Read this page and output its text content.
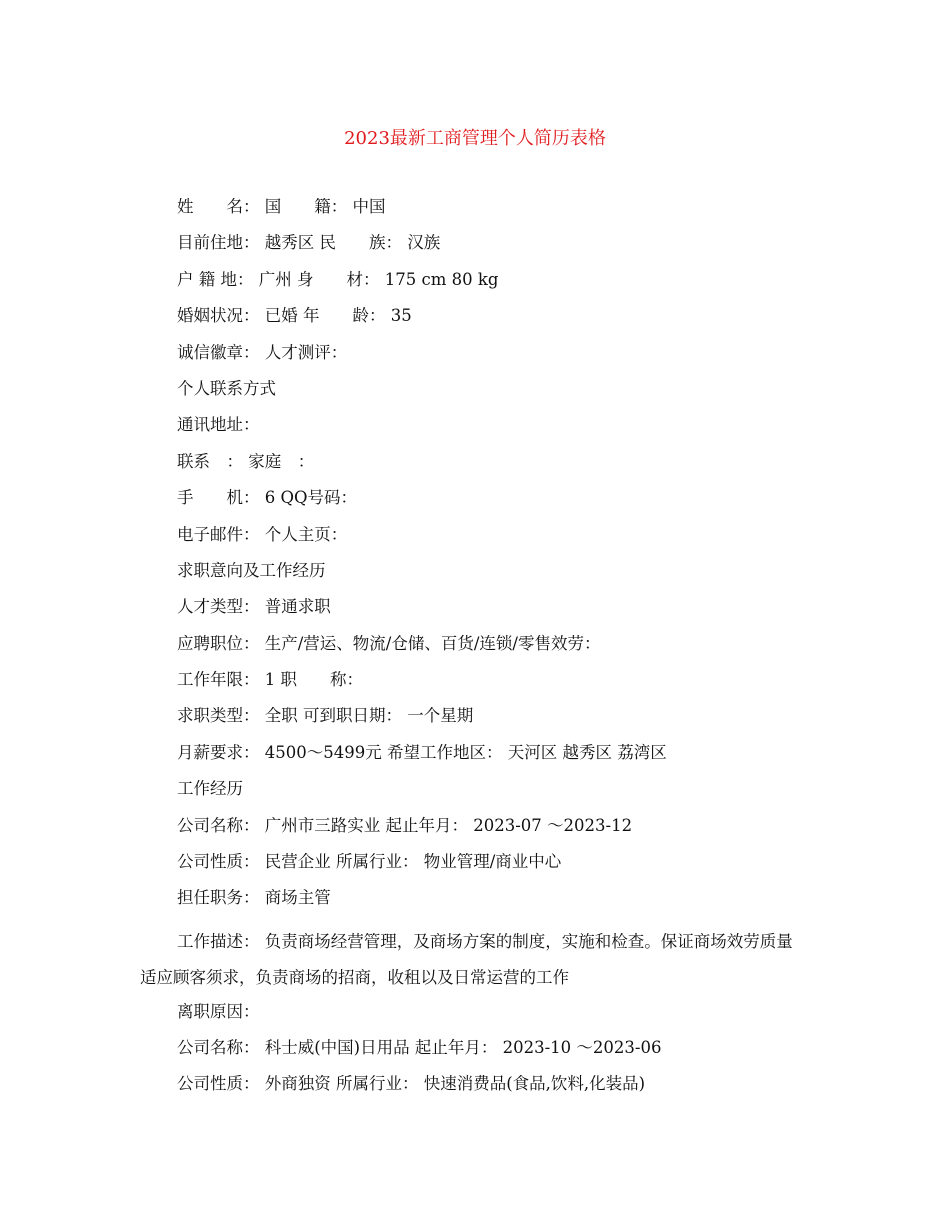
2023最新工商管理个人简历表格
姓　　名： 国　　籍： 中国
目前住地： 越秀区 民　　族： 汉族
户 籍 地： 广州 身　　材： 175 cm 80 kg
婚姻状况： 已婚 年　　龄： 35
诚信徽章： 人才测评：
个人联系方式
通讯地址：
联系　： 家庭　：
手　　机： 6 QQ号码：
电子邮件： 个人主页：
求职意向及工作经历
人才类型： 普通求职
应聘职位： 生产/营运、物流/仓储、百货/连锁/零售效劳：
工作年限： 1 职　　称：
求职类型： 全职 可到职日期： 一个星期
月薪要求： 4500～5499元 希望工作地区： 天河区 越秀区 荔湾区
工作经历
公司名称： 广州市三路实业 起止年月： 2023-07 ～2023-12
公司性质： 民营企业 所属行业： 物业管理/商业中心
担任职务： 商场主管
工作描述： 负责商场经营管理，及商场方案的制度，实施和检查。保证商场效劳质量适应顾客须求，负责商场的招商，收租以及日常运营的工作
离职原因：
公司名称： 科士威(中国)日用品 起止年月： 2023-10 ～2023-06
公司性质： 外商独资 所属行业： 快速消费品(食品,饮料,化装品)
